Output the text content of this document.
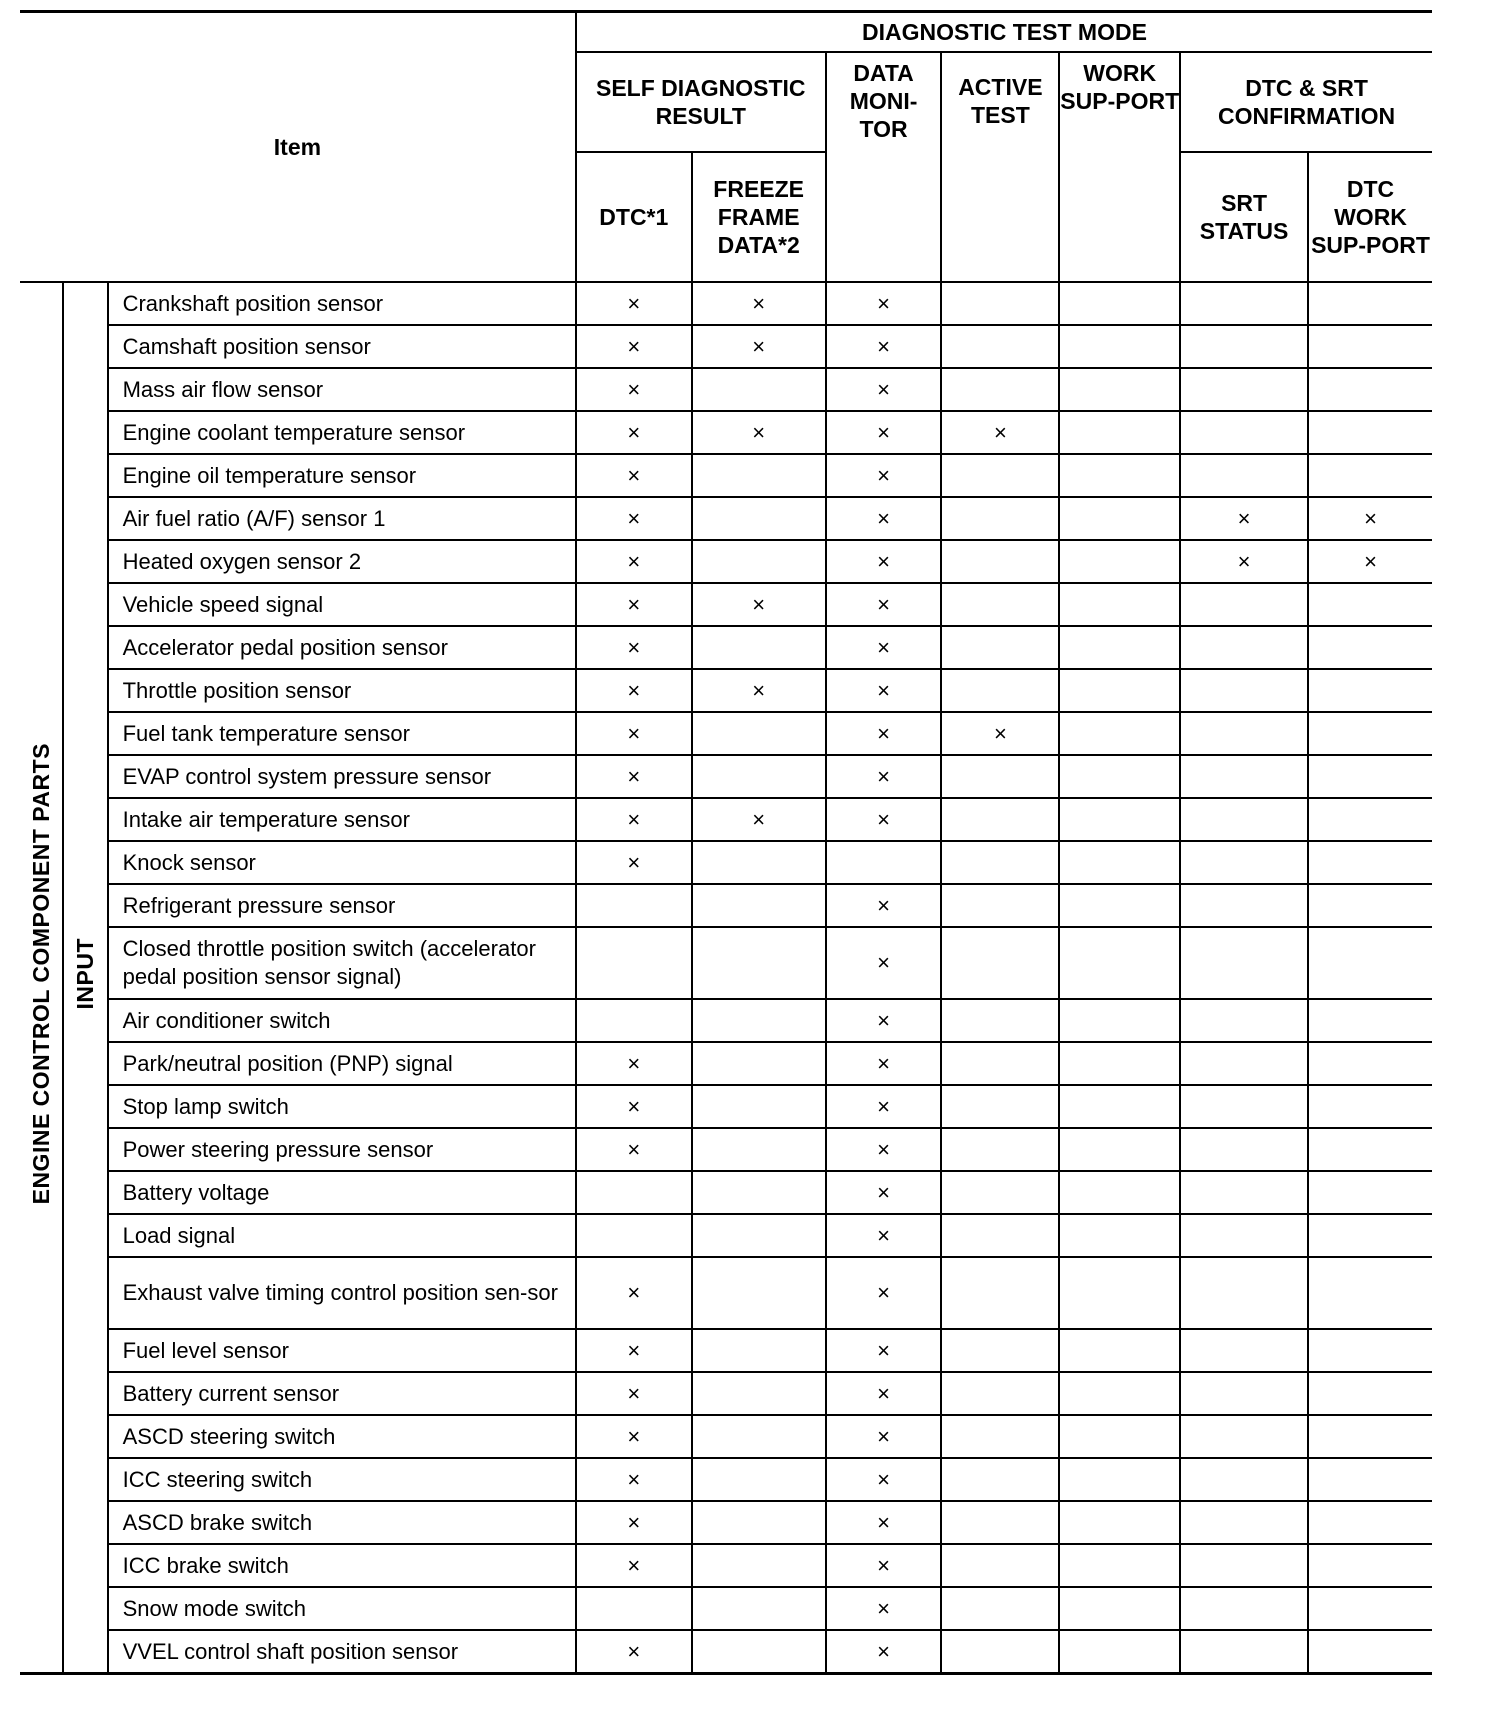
Item			DIAGNOSTIC TEST MODE						
			SELF DIAGNOSTIC RESULT		DATA MONI-TOR	ACTIVE TEST	WORK SUP-PORT	DTC & SRT CONFIRMATION	
			DTC*1	FREEZE FRAME DATA*2				SRT STATUS	DTC WORK SUP-PORT
ENGINE CONTROL COMPONENT PARTS	INPUT	Crankshaft position sensor	×	×	×				
		Camshaft position sensor	×	×	×				
		Mass air flow sensor	×		×				
		Engine coolant temperature sensor	×	×	×	×			
		Engine oil temperature sensor	×		×				
		Air fuel ratio (A/F) sensor 1	×		×			×	×
		Heated oxygen sensor 2	×		×			×	×
		Vehicle speed signal	×	×	×				
		Accelerator pedal position sensor	×		×				
		Throttle position sensor	×	×	×				
		Fuel tank temperature sensor	×		×	×			
		EVAP control system pressure sensor	×		×				
		Intake air temperature sensor	×	×	×				
		Knock sensor	×						
		Refrigerant pressure sensor			×				
		Closed throttle position switch (accelerator pedal position sensor signal)			×				
		Air conditioner switch			×				
		Park/neutral position (PNP) signal	×		×				
		Stop lamp switch	×		×				
		Power steering pressure sensor	×		×				
		Battery voltage			×				
		Load signal			×				
		Exhaust valve timing control position sen-sor	×		×				
		Fuel level sensor	×		×				
		Battery current sensor	×		×				
		ASCD steering switch	×		×				
		ICC steering switch	×		×				
		ASCD brake switch	×		×				
		ICC brake switch	×		×				
		Snow mode switch			×				
		VVEL control shaft position sensor	×		×				
